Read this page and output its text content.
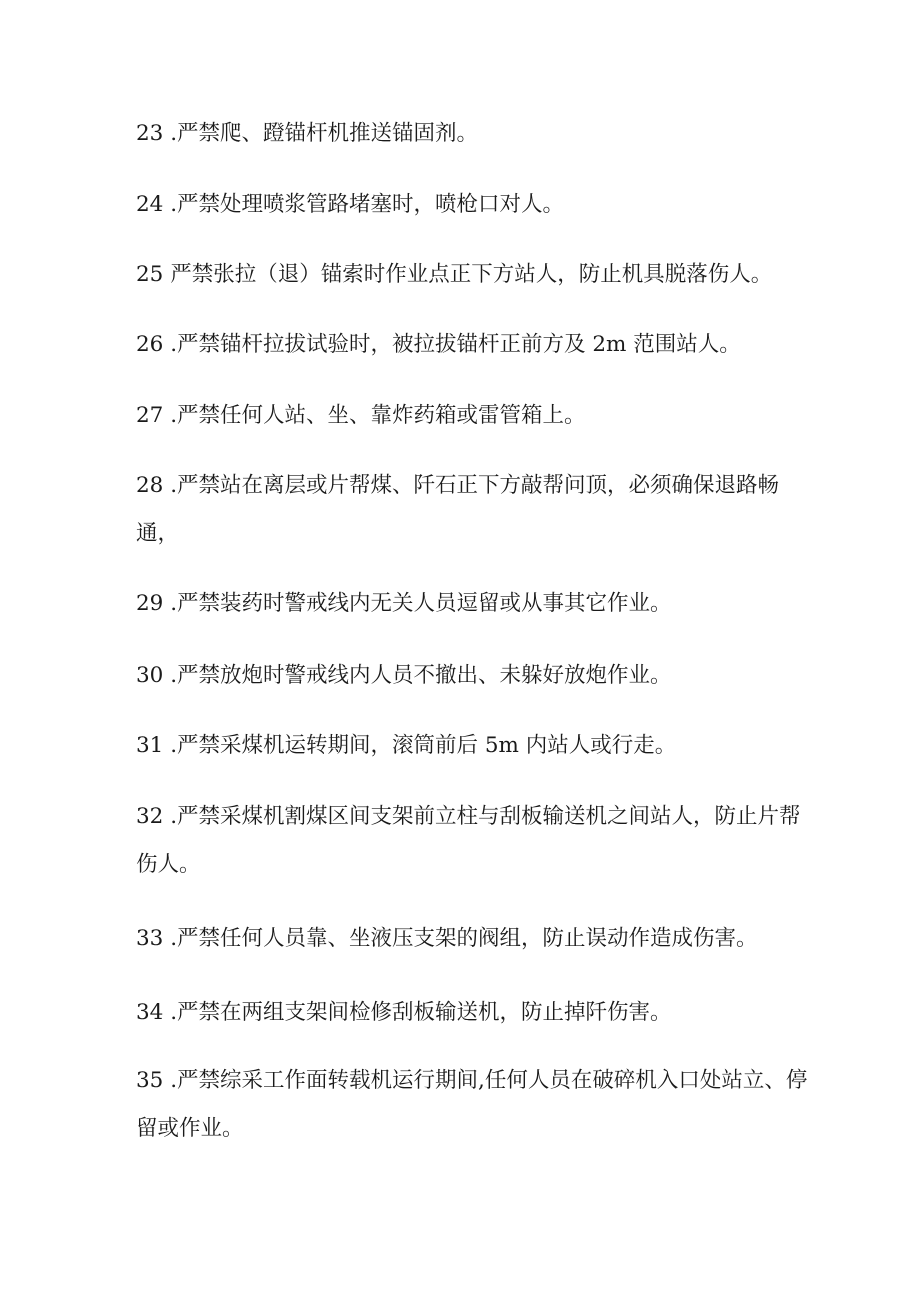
23 .严禁爬、蹬锚杆机推送锚固剂。

24 .严禁处理喷浆管路堵塞时，喷枪口对人。

25 严禁张拉（退）锚索时作业点正下方站人，防止机具脱落伤人。

26 .严禁锚杆拉拔试验时，被拉拔锚杆正前方及 2m 范围站人。

27 .严禁任何人站、坐、靠炸药箱或雷管箱上。

28 .严禁站在离层或片帮煤、阡石正下方敲帮问顶，必须确保退路畅通，

29 .严禁装药时警戒线内无关人员逗留或从事其它作业。

30 .严禁放炮时警戒线内人员不撤出、未躲好放炮作业。

31 .严禁采煤机运转期间，滚筒前后 5m 内站人或行走。

32 .严禁采煤机割煤区间支架前立柱与刮板输送机之间站人，防止片帮伤人。

33 .严禁任何人员靠、坐液压支架的阀组，防止误动作造成伤害。

34 .严禁在两组支架间检修刮板输送机，防止掉阡伤害。

35 .严禁综采工作面转载机运行期间,任何人员在破碎机入口处站立、停留或作业。
